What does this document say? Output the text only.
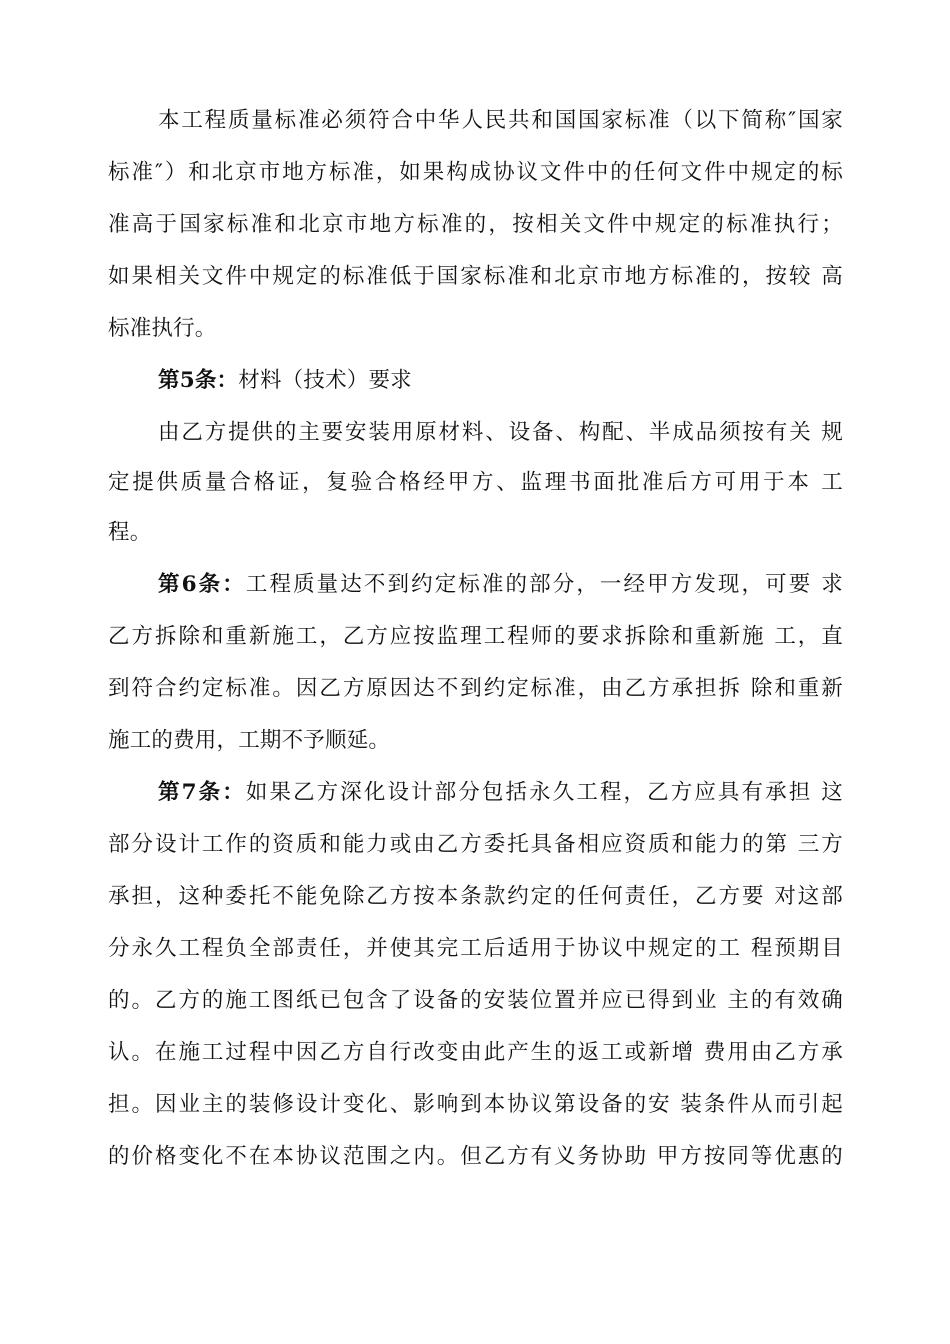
本工程质量标准必须符合中华人民共和国国家标准（以下简称″国家
标准″）和北京市地方标准，如果构成协议文件中的任何文件中规定的标
准高于国家标准和北京市地方标准的，按相关文件中规定的标准执行；
如果相关文件中规定的标准低于国家标准和北京市地方标准的，按较 高
标准执行。
第5条：材料（技术）要求
由乙方提供的主要安装用原材料、设备、构配、半成品须按有关 规
定提供质量合格证，复验合格经甲方、监理书面批准后方可用于本 工
程。
第6条：工程质量达不到约定标准的部分，一经甲方发现，可要 求
乙方拆除和重新施工，乙方应按监理工程师的要求拆除和重新施 工，直
到符合约定标准。因乙方原因达不到约定标准，由乙方承担拆 除和重新
施工的费用，工期不予顺延。
第7条：如果乙方深化设计部分包括永久工程，乙方应具有承担 这
部分设计工作的资质和能力或由乙方委托具备相应资质和能力的第 三方
承担，这种委托不能免除乙方按本条款约定的任何责任，乙方要 对这部
分永久工程负全部责任，并使其完工后适用于协议中规定的工 程预期目
的。乙方的施工图纸已包含了设备的安装位置并应已得到业 主的有效确
认。在施工过程中因乙方自行改变由此产生的返工或新增 费用由乙方承
担。因业主的装修设计变化、影响到本协议第设备的安 装条件从而引起
的价格变化不在本协议范围之内。但乙方有义务协助 甲方按同等优惠的
